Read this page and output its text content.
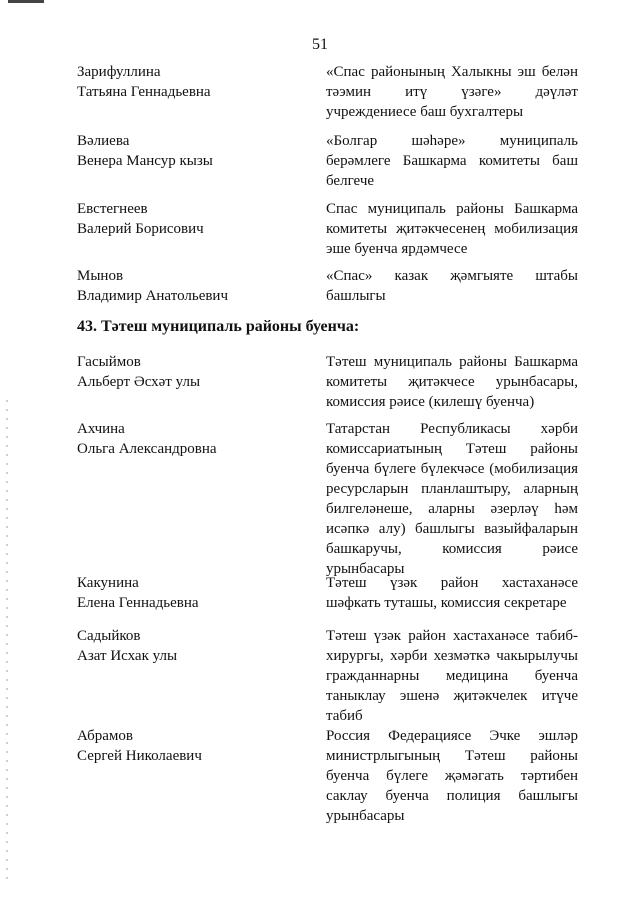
51
Зарифуллина
Татьяна Геннадьевна
«Спас районының Халыкны эш белән
тәэмин итү үзәге» дәүләт
учреждениесе баш бухгалтеры
Вәлиева
Венера Мансур кызы
«Болгар шәһәре» муниципаль
берәмлеге Башкарма комитеты баш
белгече
Евстегнеев
Валерий Борисович
Спас муниципаль районы Башкарма
комитеты җитәкчесенең мобилизация
эше буенча ярдәмчесе
Мынов
Владимир Анатольевич
«Спас» казак җәмгыяте штабы
башлыгы
43. Тәтеш муниципаль районы буенча:
Гасыймов
Альберт Әсхәт улы
Тәтеш муниципаль районы Башкарма
комитеты җитәкчесе урынбасары,
комиссия рәисе (килешү буенча)
Ахчина
Ольга Александровна
Татарстан Республикасы хәрби
комиссариатының Тәтеш районы
буенча бүлеге бүлекчәсе (мобилизация
ресурсларын планлаштыру, аларның
билгеләнеше, аларны әзерләү һәм
исәпкә алу) башлыгы вазыйфаларын
башкаручы, комиссия рәисе
урынбасары
Какунина
Елена Геннадьевна
Тәтеш үзәк район хастаханәсе
шәфкать туташы, комиссия секретаре
Садыйков
Азат Исхак улы
Тәтеш үзәк район хастаханәсе табиб-
хирургы, хәрби хезмәткә чакырылучы
гражданнарны медицина буенча
таныклау эшенә җитәкчелек итүче
табиб
Абрамов
Сергей Николаевич
Россия Федерациясе Эчке эшләр
министрлыгының Тәтеш районы
буенча бүлеге җәмәгать тәртибен
саклау буенча полиция башлыгы
урынбасары
